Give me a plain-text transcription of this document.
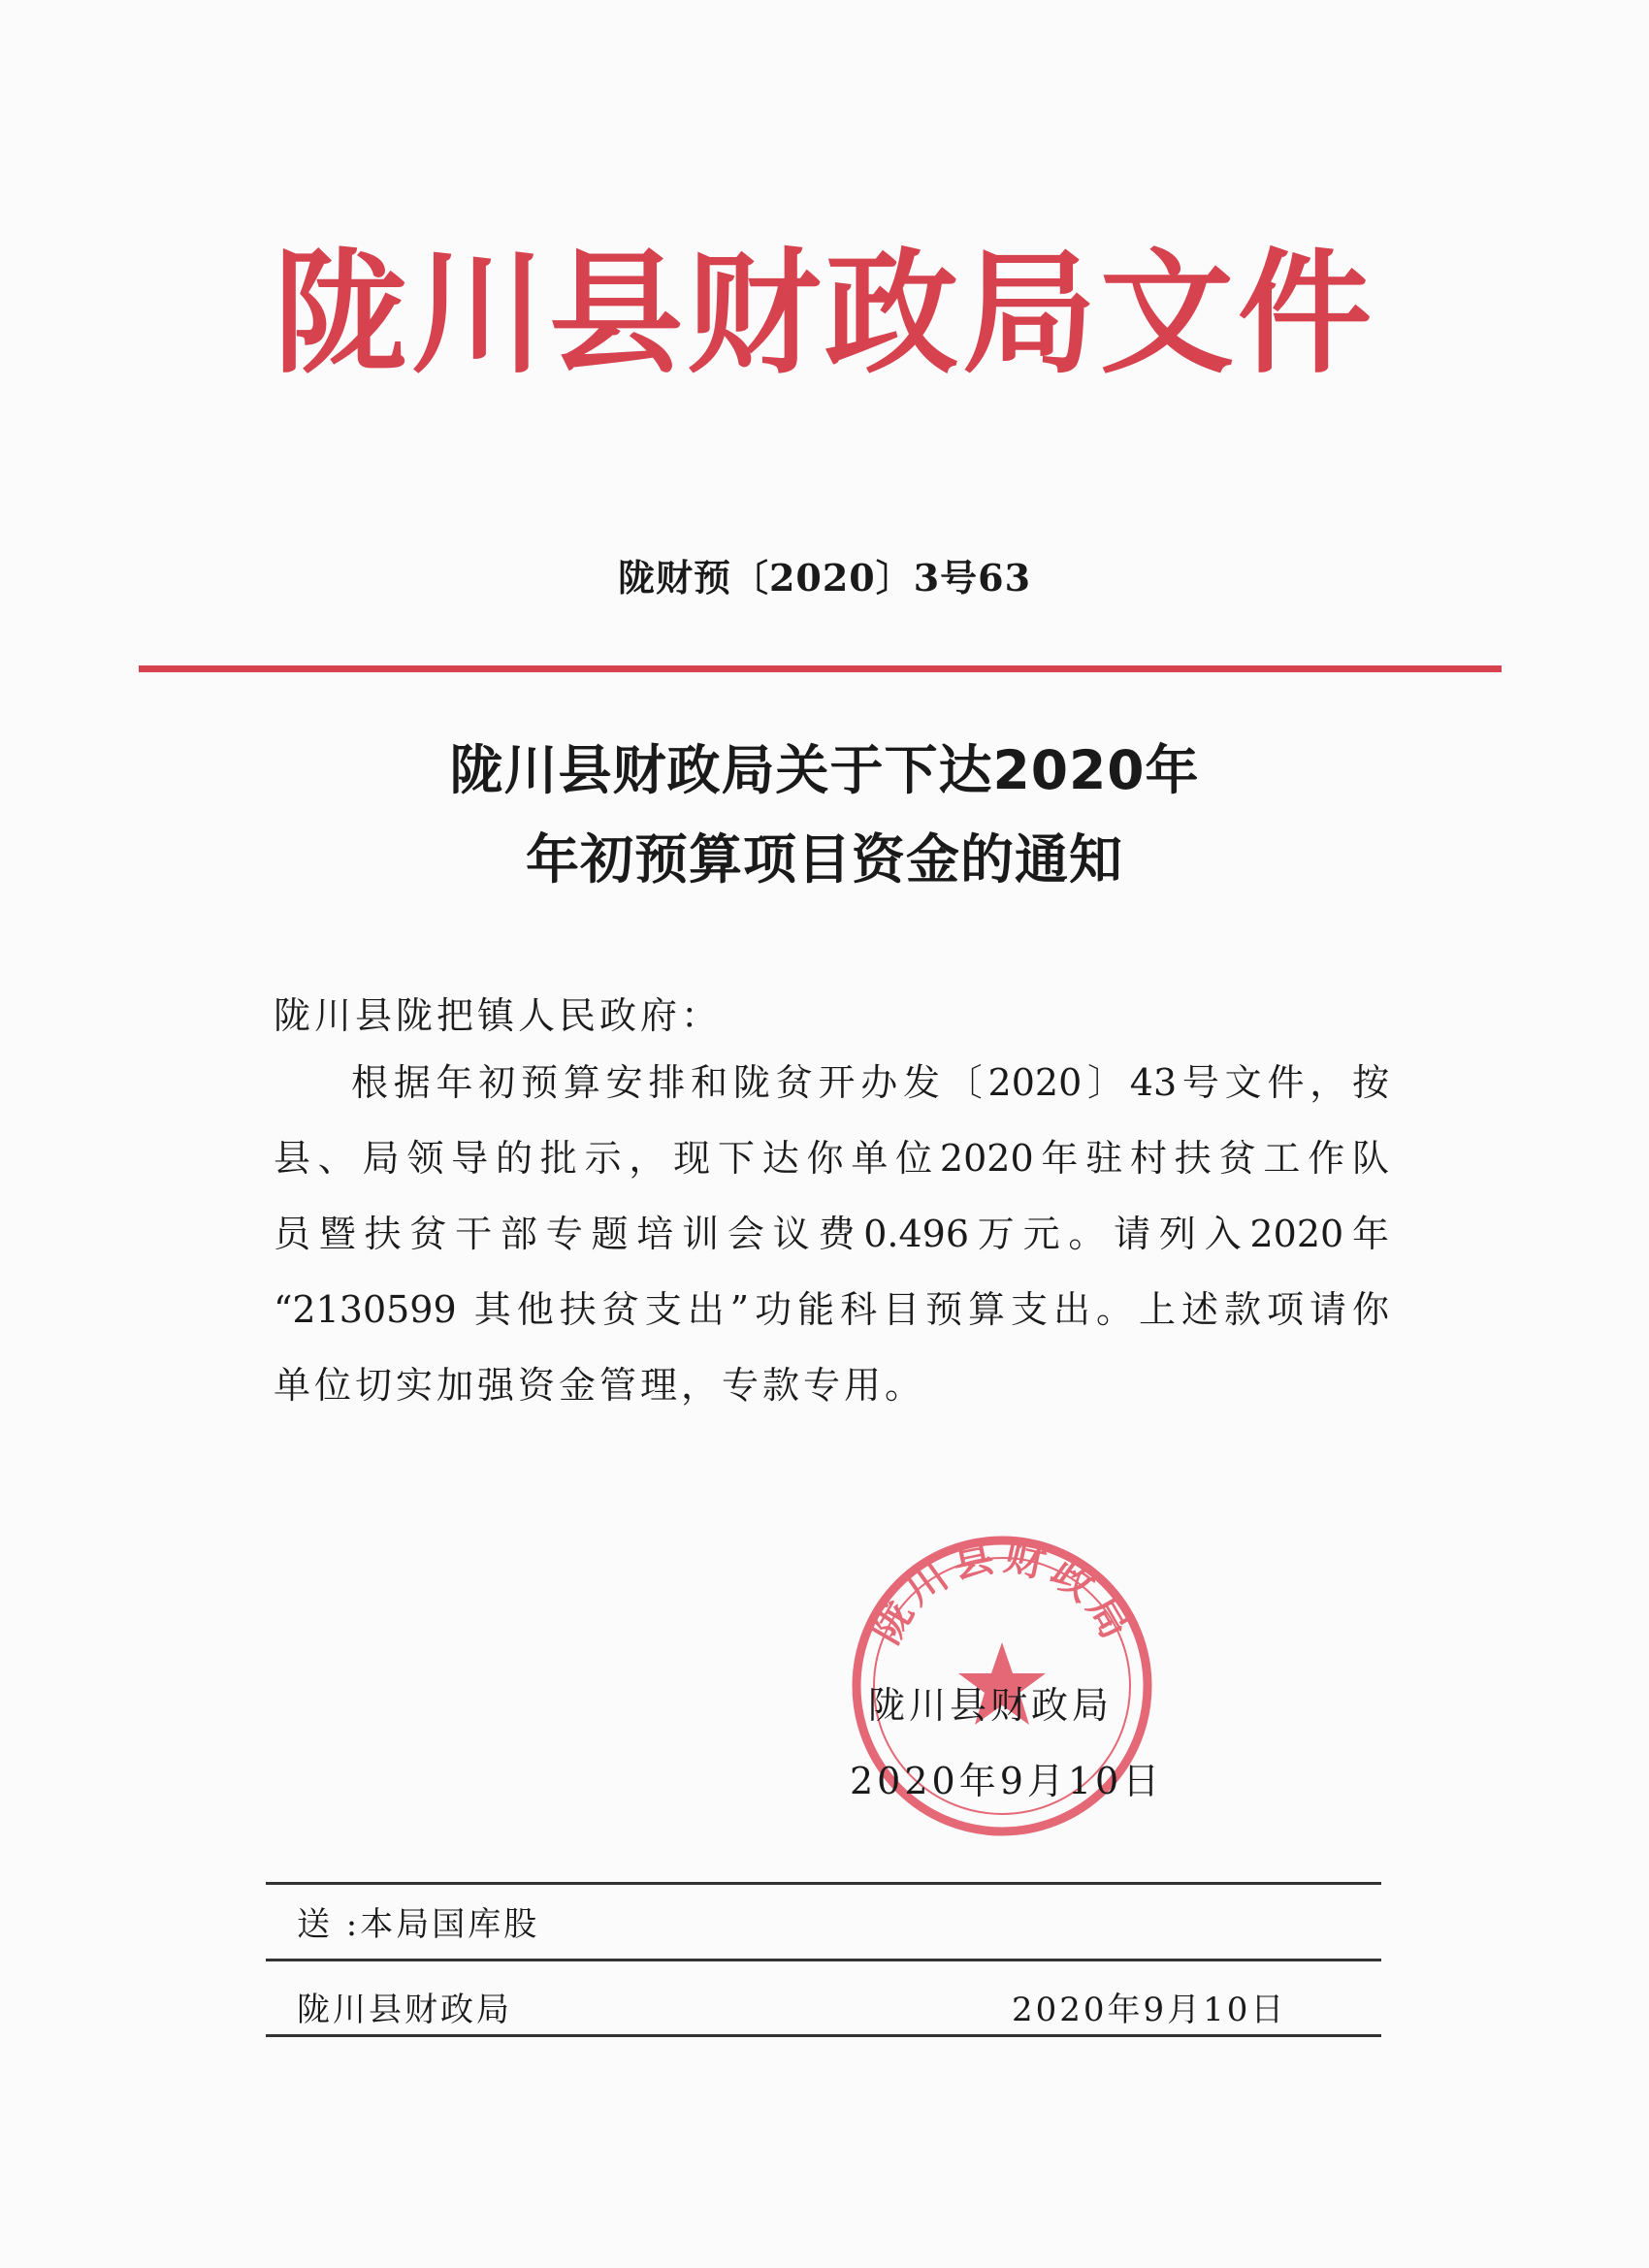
陇川县财政局文件
陇财预〔2020〕3号63
陇川县财政局关于下达2020年
年初预算项目资金的通知
陇川县陇把镇人民政府：
根据年初预算安排和陇贫开办发〔2020〕43号文件，按
县、局领导的批示，现下达你单位2020年驻村扶贫工作队
员暨扶贫干部专题培训会议费0.496万元。请列入2020年
“2130599 其他扶贫支出”功能科目预算支出。上述款项请你
单位切实加强资金管理，专款专用。
陇川县财政局
陇川县财政局
2020年9月10日
送 :本局国库股
陇川县财政局	2020年9月10日
